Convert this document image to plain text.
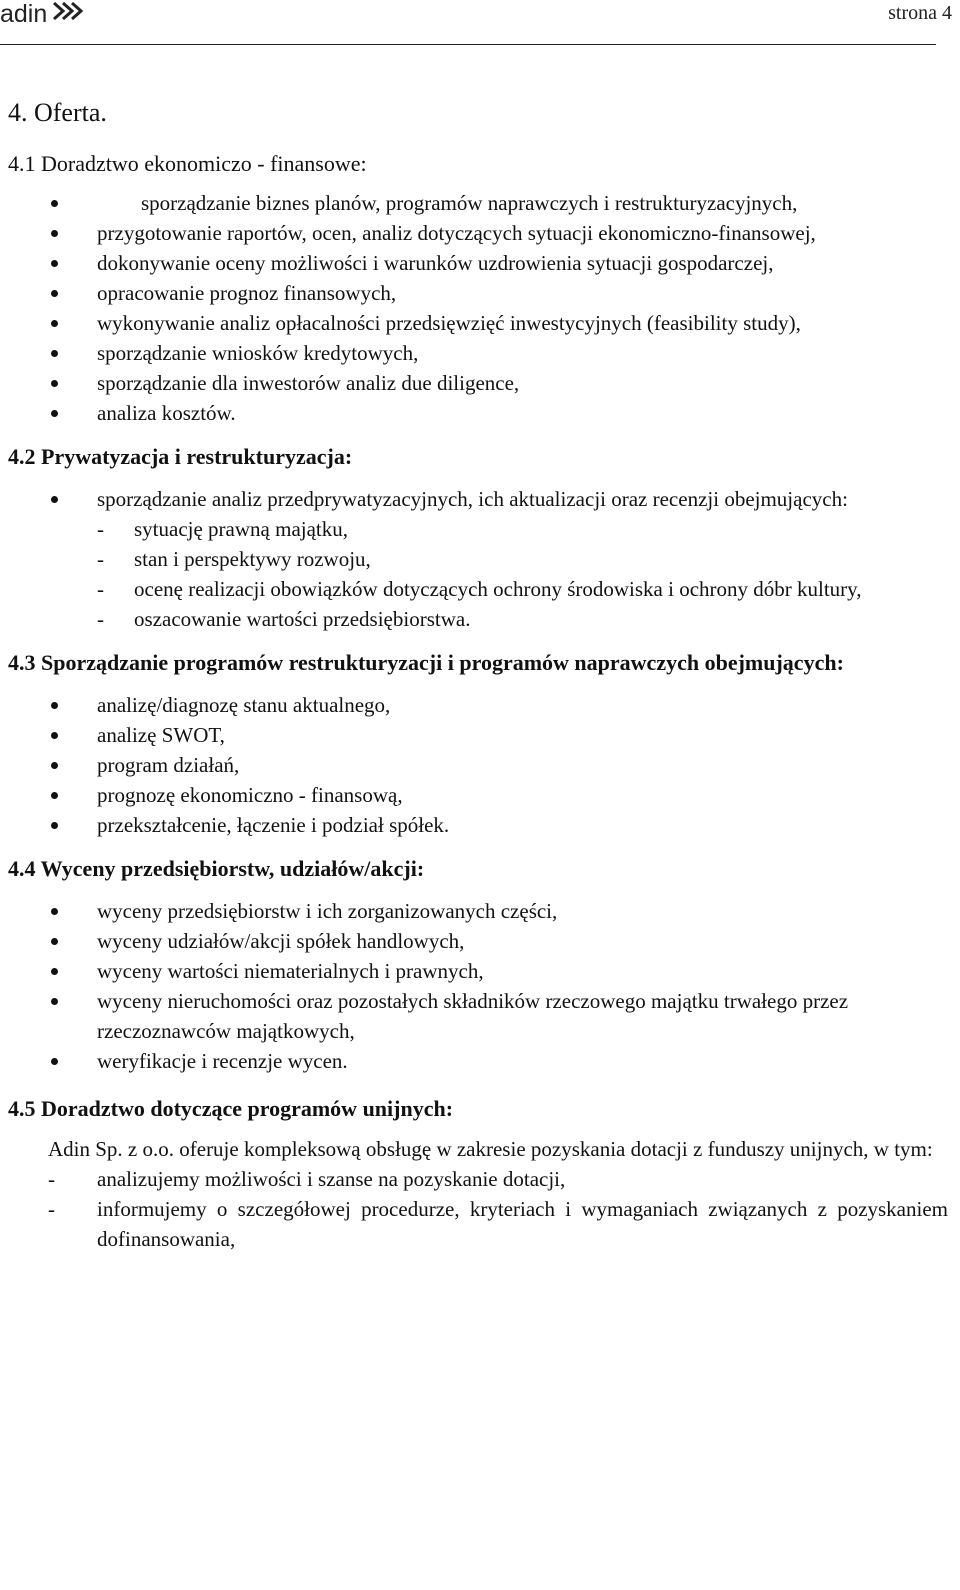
adin	strona 4
4. Oferta.
4.1 Doradztwo ekonomiczo - finansowe:
sporządzanie biznes planów, programów naprawczych i restrukturyzacyjnych,
przygotowanie raportów, ocen, analiz dotyczących sytuacji ekonomiczno-finansowej,
dokonywanie oceny możliwości i warunków uzdrowienia sytuacji gospodarczej,
opracowanie prognoz finansowych,
wykonywanie analiz opłacalności przedsięwzięć inwestycyjnych (feasibility study),
sporządzanie wniosków kredytowych,
sporządzanie dla inwestorów analiz due diligence,
analiza kosztów.
4.2 Prywatyzacja i restrukturyzacja:
sporządzanie analiz przedprywatyzacyjnych, ich aktualizacji oraz recenzji obejmujących:
- sytuację prawną majątku,
- stan i perspektywy rozwoju,
- ocenę realizacji obowiązków dotyczących ochrony środowiska i ochrony dóbr kultury,
- oszacowanie wartości przedsiębiorstwa.
4.3 Sporządzanie programów restrukturyzacji i programów naprawczych obejmujących:
analizę/diagnozę stanu aktualnego,
analizę SWOT,
program działań,
prognozę ekonomiczno - finansową,
przekształcenie, łączenie i podział spółek.
4.4 Wyceny przedsiębiorstw, udziałów/akcji:
wyceny przedsiębiorstw i ich zorganizowanych części,
wyceny udziałów/akcji spółek handlowych,
wyceny wartości niematerialnych i prawnych,
wyceny nieruchomości oraz pozostałych składników rzeczowego majątku trwałego przez rzeczoznawców majątkowych,
weryfikacje i recenzje wycen.
4.5 Doradztwo dotyczące programów unijnych:
Adin Sp. z o.o. oferuje kompleksową obsługę w zakresie pozyskania dotacji z funduszy unijnych, w tym:
- analizujemy możliwości i szanse na pozyskanie dotacji,
- informujemy o szczegółowej procedurze, kryteriach i wymaganiach związanych z pozyskaniem dofinansowania,
